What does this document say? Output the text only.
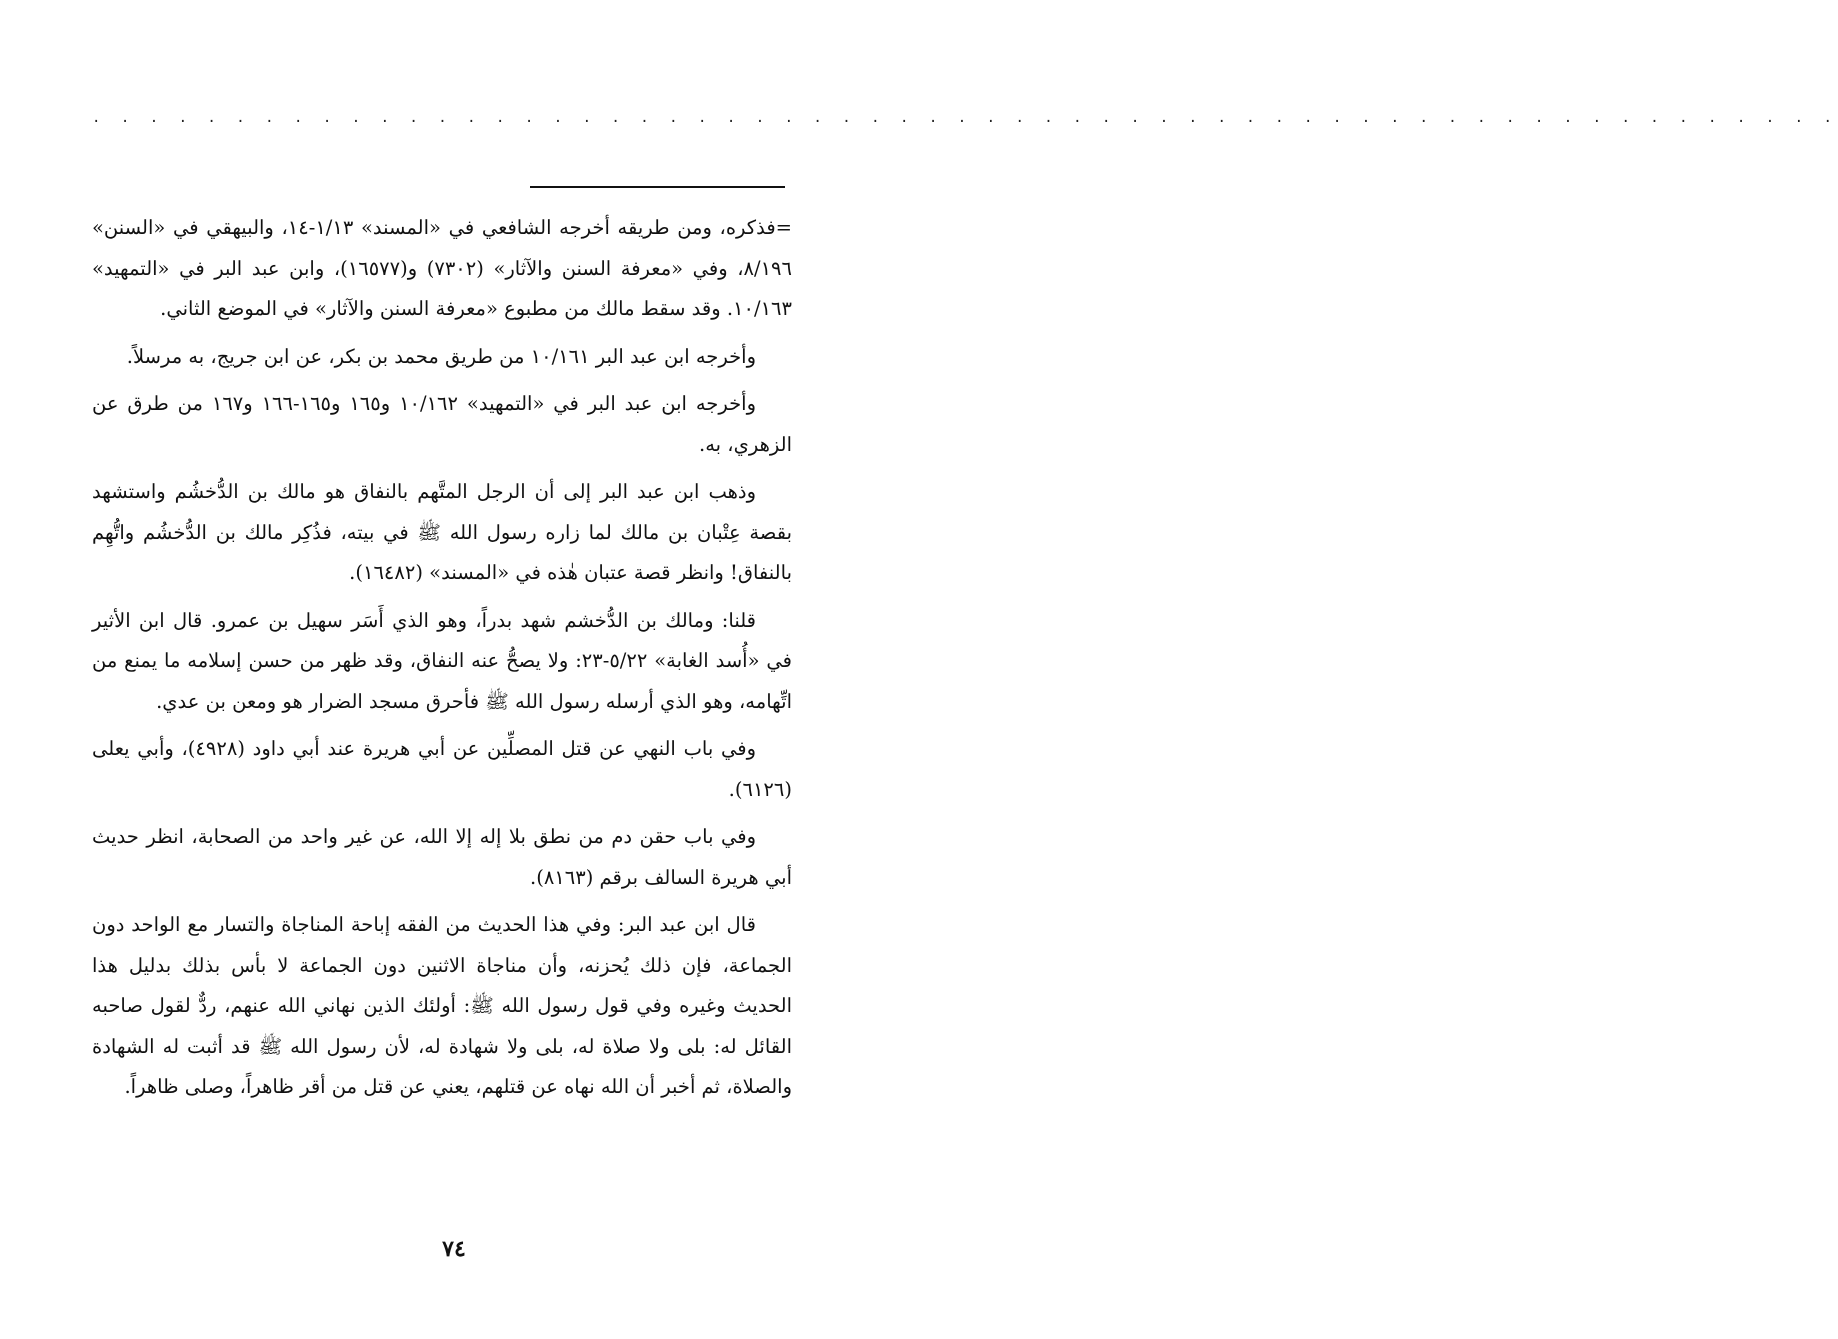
. . . . . . . . . . . . . . . . . . . . . . . . . . . . . . . . . . . . . . . . . . . . . . . . . . . . . . . . . . . . .

=فذكره، ومن طريقه أخرجه الشافعي في «المسند» ١/١٣-١٤، والبيهقي في «السنن» ٨/١٩٦، وفي «معرفة السنن والآثار» (٧٣٠٢) و(١٦٥٧٧)، وابن عبد البر في «التمهيد» ١٠/١٦٣. وقد سقط مالك من مطبوع «معرفة السنن والآثار» في الموضع الثاني.

وأخرجه ابن عبد البر ١٠/١٦١ من طريق محمد بن بكر، عن ابن جريج، به مرسلاً.

وأخرجه ابن عبد البر في «التمهيد» ١٠/١٦٢ و١٦٥ و١٦٥-١٦٦ و١٦٧ من طرق عن الزهري، به.

وذهب ابن عبد البر إلى أن الرجل المتَّهم بالنفاق هو مالك بن الدُّخشُم واستشهد بقصة عِتْبان بن مالك لما زاره رسول الله ﷺ في بيته، فذُكِر مالك بن الدُّخشُم واتُّهِم بالنفاق! وانظر قصة عتبان هٰذه في «المسند» (١٦٤٨٢).

قلنا: ومالك بن الدُّخشم شهد بدراً، وهو الذي أَسَر سهيل بن عمرو. قال ابن الأثير في «أُسد الغابة» ٥/٢٢-٢٣: ولا يصحُّ عنه النفاق، وقد ظهر من حسن إسلامه ما يمنع من اتِّهامه، وهو الذي أرسله رسول الله ﷺ فأحرق مسجد الضرار هو ومعن بن عدي.

وفي باب النهي عن قتل المصلِّين عن أبي هريرة عند أبي داود (٤٩٢٨)، وأبي يعلى (٦١٢٦).

وفي باب حقن دم من نطق بلا إله إلا الله، عن غير واحد من الصحابة، انظر حديث أبي هريرة السالف برقم (٨١٦٣).

قال ابن عبد البر: وفي هذا الحديث من الفقه إباحة المناجاة والتسار مع الواحد دون الجماعة، فإن ذلك يُحزنه، وأن مناجاة الاثنين دون الجماعة لا بأس بذلك بدليل هذا الحديث وغيره وفي قول رسول الله ﷺ: أولئك الذين نهاني الله عنهم، ردٌّ لقول صاحبه القائل له: بلى ولا صلاة له، بلى ولا شهادة له، لأن رسول الله ﷺ قد أثبت له الشهادة والصلاة، ثم أخبر أن الله نهاه عن قتلهم، يعني عن قتل من أقر ظاهراً، وصلى ظاهراً.

٧٤
